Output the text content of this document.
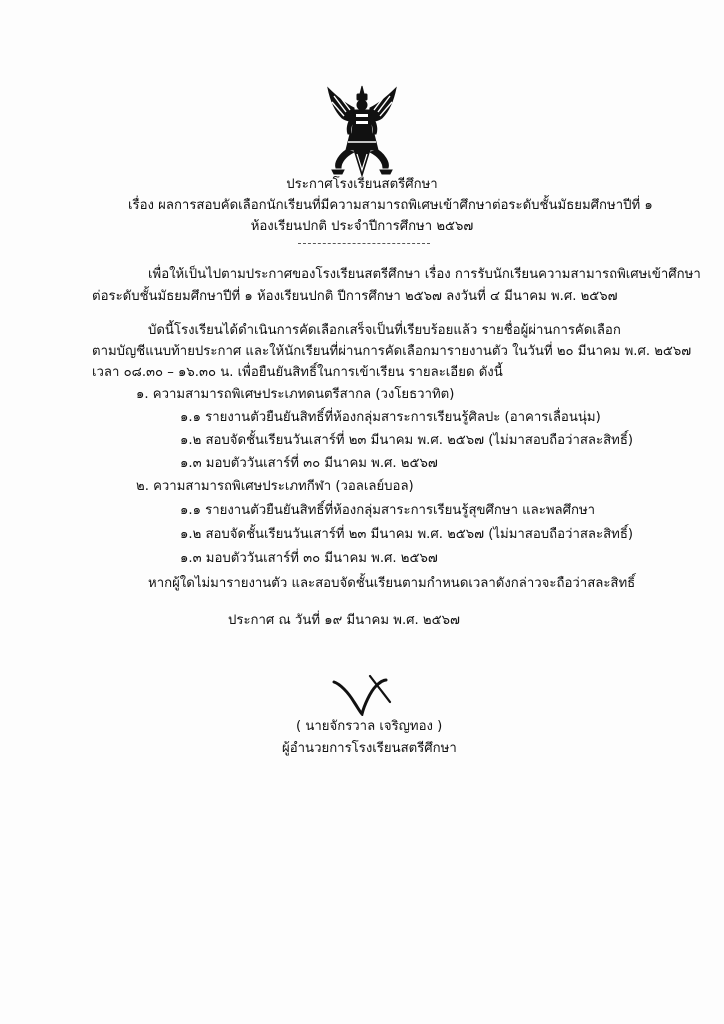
ประกาศโรงเรียนสตรีศึกษา
เรื่อง ผลการสอบคัดเลือกนักเรียนที่มีความสามารถพิเศษเข้าศึกษาต่อระดับชั้นมัธยมศึกษาปีที่ ๑
ห้องเรียนปกติ ประจำปีการศึกษา ๒๕๖๗
เพื่อให้เป็นไปตามประกาศของโรงเรียนสตรีศึกษา เรื่อง การรับนักเรียนความสามารถพิเศษเข้าศึกษา
ต่อระดับชั้นมัธยมศึกษาปีที่ ๑ ห้องเรียนปกติ ปีการศึกษา ๒๕๖๗ ลงวันที่ ๔ มีนาคม พ.ศ. ๒๕๖๗
บัดนี้โรงเรียนได้ดำเนินการคัดเลือกเสร็จเป็นที่เรียบร้อยแล้ว รายชื่อผู้ผ่านการคัดเลือก
ตามบัญชีแนบท้ายประกาศ และให้นักเรียนที่ผ่านการคัดเลือกมารายงานตัว ในวันที่ ๒๐ มีนาคม พ.ศ. ๒๕๖๗
เวลา ๐๘.๓๐ – ๑๖.๓๐ น. เพื่อยืนยันสิทธิ์ในการเข้าเรียน รายละเอียด ดังนี้
๑. ความสามารถพิเศษประเภทดนตรีสากล (วงโยธวาทิต)
๑.๑ รายงานตัวยืนยันสิทธิ์ที่ห้องกลุ่มสาระการเรียนรู้ศิลปะ (อาคารเลื่อนนุ่ม)
๑.๒ สอบจัดชั้นเรียนวันเสาร์ที่ ๒๓ มีนาคม พ.ศ. ๒๕๖๗ (ไม่มาสอบถือว่าสละสิทธิ์)
๑.๓ มอบตัววันเสาร์ที่ ๓๐ มีนาคม พ.ศ. ๒๕๖๗
๒. ความสามารถพิเศษประเภทกีฬา (วอลเลย์บอล)
๑.๑ รายงานตัวยืนยันสิทธิ์ที่ห้องกลุ่มสาระการเรียนรู้สุขศึกษา และพลศึกษา
๑.๒ สอบจัดชั้นเรียนวันเสาร์ที่ ๒๓ มีนาคม พ.ศ. ๒๕๖๗ (ไม่มาสอบถือว่าสละสิทธิ์)
๑.๓ มอบตัววันเสาร์ที่ ๓๐ มีนาคม พ.ศ. ๒๕๖๗
หากผู้ใดไม่มารายงานตัว และสอบจัดชั้นเรียนตามกำหนดเวลาดังกล่าวจะถือว่าสละสิทธิ์
ประกาศ ณ วันที่ ๑๙ มีนาคม พ.ศ. ๒๕๖๗
( นายจักรวาล เจริญทอง )
ผู้อำนวยการโรงเรียนสตรีศึกษา
